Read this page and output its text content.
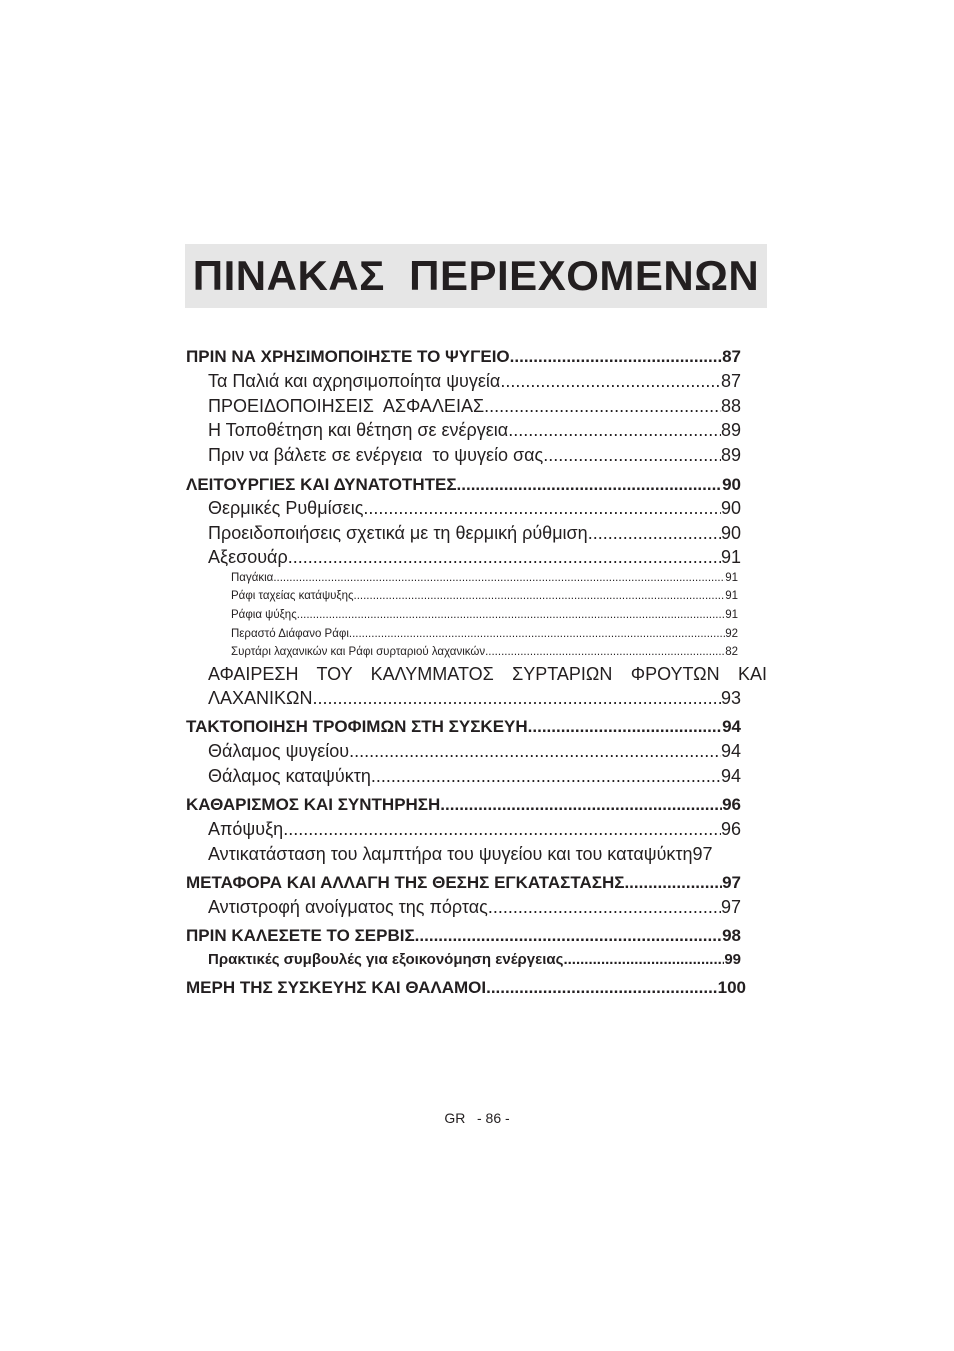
ΠΙΝΑΚΑΣ  ΠΕΡΙΕΧΟΜΕΝΩΝ
ΠΡΙΝ ΝΑ ΧΡΗΣΙΜΟΠΟΙΗΣΤΕ ΤΟ ΨΥΓΕΙΟ .....	87
Τα Παλιά και αχρησιμοποίητα ψυγεία .....	87
ΠΡΟΕΙΔΟΠΟΙΗΣΕΙΣ  ΑΣΦΑΛΕΙΑΣ .....	88
Η Τοποθέτηση και θέτηση σε ενέργεια .....	89
Πριν να βάλετε σε ενέργεια  το ψυγείο σας .....	89
ΛΕΙΤΟΥΡΓΙΕΣ ΚΑΙ ΔΥΝΑΤΟΤΗΤΕΣ .....	90
Θερμικές Ρυθμίσεις .....	90
Προειδοποιήσεις σχετικά με τη θερμική ρύθμιση .....	90
Αξεσουάρ .....	91
Παγάκια .....	91
Ράφι ταχείας κατάψυξης .....	91
Ράφια ψύξης .....	91
Περαστό Διάφανο Ράφι .....	92
Συρτάρι λαχανικών και Ράφι συρταριού λαχανικών .....	82
ΑΦΑΙΡΕΣΗ ΤΟΥ ΚΑΛΥΜΜΑΤΟΣ ΣΥΡΤΑΡΙΩΝ ΦΡΟΥΤΩΝ ΚΑΙ
ΛΑΧΑΝΙΚΩΝ .....	93
ΤΑΚΤΟΠΟΙΗΣΗ ΤΡΟΦΙΜΩΝ ΣΤΗ ΣΥΣΚΕΥΗ .....	94
Θάλαμος ψυγείου .....	94
Θάλαμος καταψύκτη .....	94
ΚΑΘΑΡΙΣΜΟΣ ΚΑΙ ΣΥΝΤΗΡΗΣΗ .....	96
Απόψυξη .....	96
Αντικατάσταση του λαμπτήρα του ψυγείου και του καταψύκτη97
ΜΕΤΑΦΟΡΑ ΚΑΙ ΑΛΛΑΓΗ ΤΗΣ ΘΕΣΗΣ ΕΓΚΑΤΑΣΤΑΣΗΣ .....	97
Αντιστροφή ανοίγματος της πόρτας .....	97
ΠΡΙΝ ΚΑΛΕΣΕΤΕ ΤΟ ΣΕΡΒΙΣ .....	98
Πρακτικές συμβουλές για εξοικονόμηση ενέργειας .....	99
ΜΕΡΗ ΤΗΣ ΣΥΣΚΕΥΗΣ ΚΑΙ ΘΑΛΑΜΟΙ .....	100
GR   - 86 -
